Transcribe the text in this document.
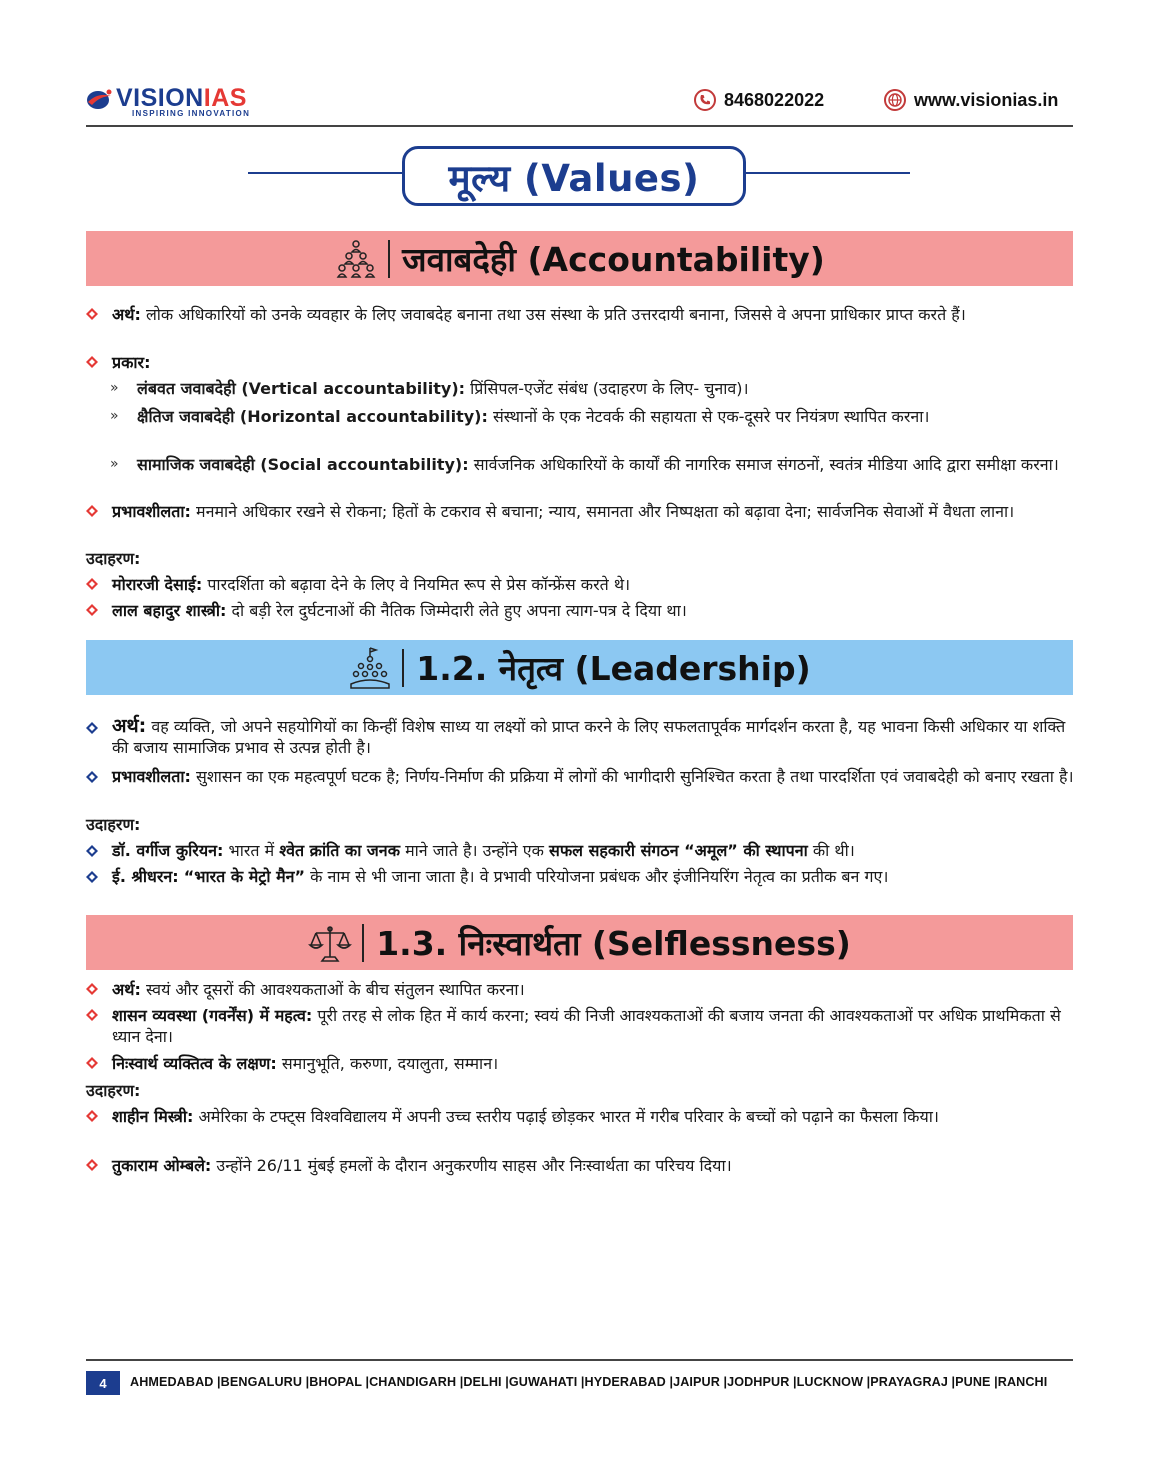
VISIONIAS
INSPIRING INNOVATION
8468022022	www.visionias.in
मूल्य (Values)
जवाबदेही (Accountability)
अर्थ: लोक अधिकारियों को उनके व्यवहार के लिए जवाबदेह बनाना तथा उस संस्था के प्रति उत्तरदायी बनाना, जिससे वे अपना प्राधिकार प्राप्त करते हैं।
प्रकार:
» लंबवत जवाबदेही (Vertical accountability): प्रिंसिपल-एजेंट संबंध (उदाहरण के लिए- चुनाव)।
» क्षैतिज जवाबदेही (Horizontal accountability): संस्थानों के एक नेटवर्क की सहायता से एक-दूसरे पर नियंत्रण स्थापित करना।
» सामाजिक जवाबदेही (Social accountability): सार्वजनिक अधिकारियों के कार्यों की नागरिक समाज संगठनों, स्वतंत्र मीडिया आदि द्वारा समीक्षा करना।
प्रभावशीलता: मनमाने अधिकार रखने से रोकना; हितों के टकराव से बचाना; न्याय, समानता और निष्पक्षता को बढ़ावा देना; सार्वजनिक सेवाओं में वैधता लाना।
उदाहरण:
मोरारजी देसाई: पारदर्शिता को बढ़ावा देने के लिए वे नियमित रूप से प्रेस कॉन्फ्रेंस करते थे।
लाल बहादुर शास्त्री: दो बड़ी रेल दुर्घटनाओं की नैतिक जिम्मेदारी लेते हुए अपना त्याग-पत्र दे दिया था।
1.2. नेतृत्व (Leadership)
अर्थ: वह व्यक्ति, जो अपने सहयोगियों का किन्हीं विशेष साध्य या लक्ष्यों को प्राप्त करने के लिए सफलतापूर्वक मार्गदर्शन करता है, यह भावना किसी अधिकार या शक्ति की बजाय सामाजिक प्रभाव से उत्पन्न होती है।
प्रभावशीलता: सुशासन का एक महत्वपूर्ण घटक है; निर्णय-निर्माण की प्रक्रिया में लोगों की भागीदारी सुनिश्चित करता है तथा पारदर्शिता एवं जवाबदेही को बनाए रखता है।
उदाहरण:
डॉ. वर्गीज कुरियन: भारत में श्वेत क्रांति का जनक माने जाते है। उन्होंने एक सफल सहकारी संगठन “अमूल” की स्थापना की थी।
ई. श्रीधरन: “भारत के मेट्रो मैन” के नाम से भी जाना जाता है। वे प्रभावी परियोजना प्रबंधक और इंजीनियरिंग नेतृत्व का प्रतीक बन गए।
1.3. निःस्वार्थता (Selflessness)
अर्थ: स्वयं और दूसरों की आवश्यकताओं के बीच संतुलन स्थापित करना।
शासन व्यवस्था (गवर्नेंस) में महत्व: पूरी तरह से लोक हित में कार्य करना; स्वयं की निजी आवश्यकताओं की बजाय जनता की आवश्यकताओं पर अधिक प्राथमिकता से ध्यान देना।
निःस्वार्थ व्यक्तित्व के लक्षण: समानुभूति, करुणा, दयालुता, सम्मान।
उदाहरण:
शाहीन मिस्त्री: अमेरिका के टफ्ट्स विश्वविद्यालय में अपनी उच्च स्तरीय पढ़ाई छोड़कर भारत में गरीब परिवार के बच्चों को पढ़ाने का फैसला किया।
तुकाराम ओम्बले: उन्होंने 26/11 मुंबई हमलों के दौरान अनुकरणीय साहस और निःस्वार्थता का परिचय दिया।
4	AHMEDABAD |BENGALURU |BHOPAL |CHANDIGARH |DELHI |GUWAHATI |HYDERABAD |JAIPUR |JODHPUR |LUCKNOW |PRAYAGRAJ |PUNE |RANCHI
